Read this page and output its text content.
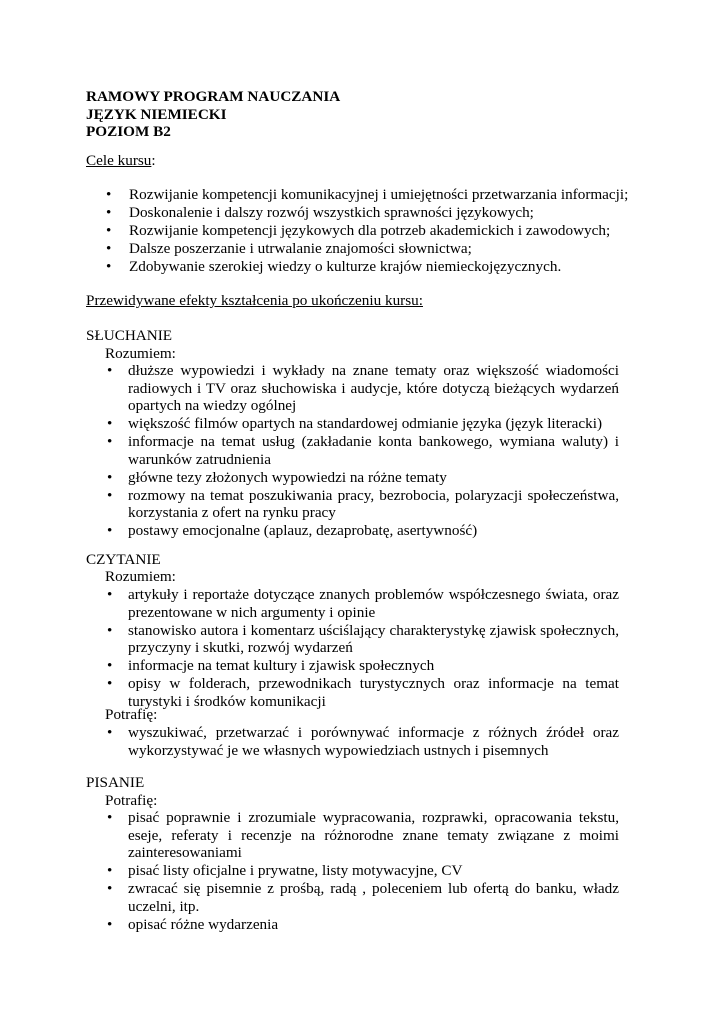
RAMOWY PROGRAM NAUCZANIA
JĘZYK NIEMIECKI
POZIOM B2
Cele kursu:
• Rozwijanie kompetencji komunikacyjnej i umiejętności przetwarzania informacji;
• Doskonalenie i dalszy rozwój wszystkich sprawności językowych;
• Rozwijanie kompetencji językowych dla potrzeb akademickich i zawodowych;
• Dalsze poszerzanie i utrwalanie znajomości słownictwa;
• Zdobywanie szerokiej wiedzy o kulturze krajów niemieckojęzycznych.
Przewidywane efekty kształcenia po ukończeniu kursu:
SŁUCHANIE
Rozumiem:
• dłuższe wypowiedzi i wykłady na znane tematy oraz większość wiadomości radiowych i TV oraz słuchowiska i audycje, które dotyczą bieżących wydarzeń opartych na wiedzy ogólnej
• większość filmów opartych na standardowej odmianie języka (język literacki)
• informacje na temat usług (zakładanie konta bankowego, wymiana waluty) i warunków zatrudnienia
• główne tezy złożonych wypowiedzi na różne tematy
• rozmowy na temat poszukiwania pracy, bezrobocia, polaryzacji społeczeństwa, korzystania z ofert na rynku pracy
• postawy emocjonalne (aplauz, dezaprobatę, asertywność)
CZYTANIE
Rozumiem:
• artykuły i reportaże dotyczące znanych problemów współczesnego świata, oraz prezentowane w nich argumenty i opinie
• stanowisko autora i komentarz uściślający charakterystykę zjawisk społecznych, przyczyny i skutki, rozwój wydarzeń
• informacje na temat kultury i zjawisk społecznych
• opisy w folderach, przewodnikach turystycznych oraz informacje na temat turystyki i środków komunikacji
Potrafię:
• wyszukiwać, przetwarzać i porównywać informacje z różnych źródeł oraz wykorzystywać je we własnych wypowiedziach ustnych i pisemnych
PISANIE
Potrafię:
• pisać poprawnie i zrozumiale wypracowania, rozprawki, opracowania tekstu, eseje, referaty i recenzje na różnorodne znane tematy związane z moimi zainteresowaniami
• pisać listy oficjalne i prywatne, listy motywacyjne, CV
• zwracać się pisemnie z prośbą, radą , poleceniem lub ofertą do banku, władz uczelni, itp.
• opisać różne wydarzenia
